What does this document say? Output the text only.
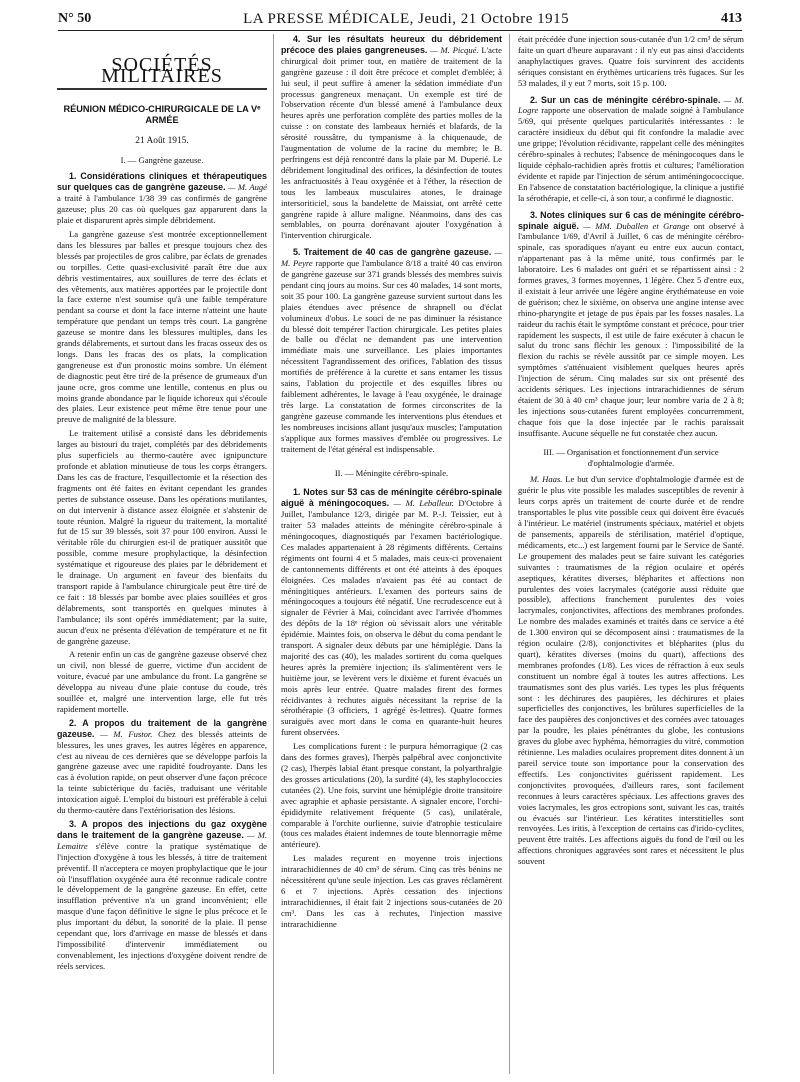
N° 50	LA PRESSE MÉDICALE, Jeudi, 21 Octobre 1915	413
SOCIÉTÉS MILITAIRES
RÉUNION MÉDICO-CHIRURGICALE DE LA Vᵉ ARMÉE
21 Août 1915.
I. — Gangrène gazeuse.

1. Considérations cliniques et thérapeutiques sur quelques cas de gangrène gazeuse. — M. Augé a traité à l'ambulance 1/38 39 cas confirmés de gangrène gazeuse; plus 20 cas où quelques gaz apparurent dans la plaie et disparurent après simple débridement.

La gangrène gazeuse s'est montrée exceptionnellement dans les blessures par balles et presque toujours chez des blessés par projectiles de gros calibre, par éclats de grenades ou torpilles. Cette quasi-exclusivité paraît être due aux débris vestimentaires, aux souillures de terre des éclats et des vêtements, aux matières apportées par le projectile dont la face externe n'est soumise qu'à une faible température pendant sa course et dont la face interne n'atteint une haute température que pendant un temps très court. La gangrène gazeuse se montre dans les blessures multiples, dans les grands délabrements, et surtout dans les fracas osseux des os longs. Dans les fracas des os plats, la complication gangreneuse est d'un pronostic moins sombre. Un élément de diagnostic peut être tiré de la présence de grumeaux d'un jaune ocre, gros comme une lentille, contenus en plus ou moins grande abondance par le liquide ichoreux qui s'écoule des plaies. Leur existence peut même être tenue pour une preuve de malignité de la blessure.

Le traitement utilisé a consisté dans les débridements larges au bistouri du trajet, complétés par des débridements plus superficiels au thermo-cautère avec ignipuncture profonde et ablation minutieuse de tous les corps étrangers. Dans les cas de fracture, l'esquillectomie et la résection des fragments ont été faites en évitant cependant les grandes pertes de substance osseuse. Dans les opérations mutilantes, on dut intervenir à distance assez éloignée et s'abstenir de toute réunion. Malgré la rigueur du traitement, la mortalité fut de 15 sur 39 blessés, soit 37 pour 100 environ. Aussi le véritable rôle du chirurgien est-il de pratiquer aussitôt que possible, comme mesure prophylactique, la désinfection systématique et rigoureuse des plaies par le débridement et le drainage. Un argument en faveur des bienfaits du transport rapide à l'ambulance chirurgicale peut être tiré de ce fait : 18 blessés par bombe avec plaies souillées et gros délabrements, sont transportés en quelques minutes à l'ambulance; ils sont opérés immédiatement; par la suite, aucun d'eux ne présenta d'élévation de température et ne fit de gangrène gazeuse.

A retenir enfin un cas de gangrène gazeuse observé chez un civil, non blessé de guerre, victime d'un accident de voiture, évacué par une ambulance du front. La gangrène se développa au niveau d'une plaie contuse du coude, très souillée et, malgré une intervention large, elle fut très rapidement mortelle.

2. A propos du traitement de la gangrène gazeuse. — M. Fustor. Chez des blessés atteints de blessures, les unes graves, les autres légères en apparence, c'est au niveau de ces dernières que se développe parfois la gangrène gazeuse avec une rapidité foudroyante. Dans les cas à évolution rapide, on peut observer d'une façon précoce la teinte subictérique du faciès, traduisant une véritable intoxication aiguë. L'emploi du bistouri est préférable à celui du thermo-cautère dans l'extériorisation des lésions.

3. A propos des injections du gaz oxygène dans le traitement de la gangrène gazeuse. — M. Lemaitre s'élève contre la pratique systématique de l'injection d'oxygène à tous les blessés, à titre de traitement préventif. Il n'acceptera ce moyen prophylactique que le jour où l'insufflation oxygénée aura été reconnue radicale contre le développement de la gangrène gazeuse. En effet, cette insufflation préventive n'a un grand inconvénient; elle masque d'une façon définitive le signe le plus précoce et le plus important du début, la sonorité de la plaie. Il pense cependant que, lors d'arrivage en masse de blessés et dans l'impossibilité d'intervenir immédiatement ou convenablement, les injections d'oxygène doivent rendre de réels services.

4. Sur les résultats heureux du débridement précoce des plaies gangreneuses. — M. Picqué. L'acte chirurgical doit primer tout, en matière de traitement de la gangrène gazeuse : il doit être précoce et complet d'emblée; à lui seul, il peut suffire à amener la sédation immédiate d'un processus gangreneux menaçant. Un exemple est tiré de l'observation récente d'un blessé amené à l'ambulance deux heures après une perforation complète des parties molles de la cuisse : on constate des lambeaux herniés et blafards, de la sérosité roussâtre, du tympanisme à la chiquenaude, de l'augmentation de volume de la racine du membre; le B. perfringens est déjà rencontré dans la plaie par M. Duperié. Le débridement longitudinal des orifices, la désinfection de toutes les anfractuosités à l'eau oxygénée et à l'éther, la résection de tous les lambeaux musculaires atones, le drainage intersoriticiel, sous la bandelette de Maissiat, ont arrêté cette gangrène rapide à allure maligne. Néanmoins, dans des cas semblables, on pourra dorénavant ajouter l'oxygénation à l'intervention chirurgicale.

5. Traitement de 40 cas de gangrène gazeuse. — M. Peyre rapporte que l'ambulance 8/18 a traité 40 cas environ de gangrène gazeuse sur 371 grands blessés des membres suivis pendant cinq jours au moins. Sur ces 40 malades, 14 sont morts, soit 35 pour 100. La gangrène gazeuse survient surtout dans les plaies étendues avec présence de shrapnell ou d'éclat volumineux d'obus. Le souci de ne pas diminuer la résistance du blessé doit tempérer l'action chirurgicale. Les petites plaies de balle ou d'éclat ne demandent pas une intervention immédiate mais une surveillance. Les plaies importantes nécessitent l'agrandissement des orifices, l'ablation des tissus mortifiés de préférence à la curette et sans entamer les tissus sains, l'ablation du projectile et des esquilles libres ou faiblement adhérentes, le lavage à l'eau oxygénée, le drainage très large. La constatation de formes circonscrites de la gangrène gazeuse commande les interventions plus étendues et les nombreuses incisions allant jusqu'aux muscles; l'amputation s'applique aux formes massives d'emblée ou progressives. Le traitement de l'état général est indispensable.

II. — Méningite cérébro-spinale.

1. Notes sur 53 cas de méningite cérébro-spinale aiguë à méningocoques. — M. Leballeur. D'Octobre à Juillet, l'ambulance 12/3, dirigée par M. P.-J. Teissier, eut à traiter 53 malades atteints de méningite cérébro-spinale à méningocoques, diagnostiqués par l'examen bactériologique. Ces malades appartenaient à 28 régiments différents. Certains régiments ont fourni 4 et 5 malades, mais ceux-ci provenaient de cantonnements différents et ont été atteints à des époques éloignées. Ces malades n'avaient pas été au contact de méningitiques antérieurs. L'examen des porteurs sains de méningocoques a toujours été négatif. Une recrudescence eut à signaler de Février à Mai, coïncidant avec l'arrivée d'hommes des dépôts de la 18ᵉ région où sévissait alors une véritable épidémie. Maintes fois, on observa le début du coma pendant le transport. A signaler deux débuts par une hémiplégie. Dans la majorité des cas (40), les malades sortirent du coma quelques heures après la première injection; ils s'alimentèrent vers le huitième jour, se levèrent vers le dixième et furent évacués un mois après leur entrée. Quatre malades firent des formes récidivantes à rechutes aiguës nécessitant la reprise de la sérothérapie (3 officiers, 1 agrégé ès-lettres). Quatre formes suraiguës avec mort dans le coma en quarante-huit heures furent observées.

Les complications furent : le purpura hémorragique (2 cas dans des formes graves), l'herpès palpébral avec conjonctivite (2 cas), l'herpès labial étant presque constant, la polyarthralgie des grosses articulations (20), la surdité (4), les staphylococcies cutanées (2). Une fois, survint une hémiplégie droite transitoire avec agraphie et aphasie persistante. A signaler encore, l'orchi-épididymite relativement fréquente (5 cas), unilatérale, comparable à l'orchite ourlienne, suivie d'atrophie testiculaire (tous ces malades étaient indemnes de toute blennorragie même antérieure).

Les malades reçurent en moyenne trois injections intrarachidiennes de 40 cm³ de sérum. Cinq cas très bénins ne nécessitèrent qu'une seule injection. Les cas graves réclamèrent 6 et 7 injections. Après cessation des injections intrarachidiennes, il était fait 2 injections sous-cutanées de 20 cm³. Dans les cas à rechutes, l'injection massive intrarachidienne

était précédée d'une injection sous-cutanée d'un 1/2 cm³ de sérum faite un quart d'heure auparavant : il n'y eut pas ainsi d'accidents anaphylactiques graves. Quatre fois survinrent des accidents sériques consistant en érythèmes urticariens très fugaces. Sur les 53 malades, il y eut 7 morts, soit 15 p. 100.

2. Sur un cas de méningite cérébro-spinale. — M. Logre rapporte une observation de malade soigné à l'ambulance 5/69, qui présente quelques particularités intéressantes : le caractère insidieux du début qui fit confondre la maladie avec une grippe; l'évolution récidivante, rappelant celle des méningites cérébro-spinales à rechutes; l'absence de méningocoques dans le liquide céphalo-rachidien après frottis et cultures; l'amélioration évidente et rapide par l'injection de sérum antiméningococcique. En l'absence de constatation bactériologique, la clinique a justifié la sérothérapie, et celle-ci, à son tour, a confirmé le diagnostic.

3. Notes cliniques sur 6 cas de méningite cérébro-spinale aiguë. — MM. Duballen et Grange ont observé à l'ambulance 1/69, d'Avril à Juillet, 6 cas de méningite cérébro-spinale, cas sporadiques n'ayant eu entre eux aucun contact, n'appartenant pas à la même unité, tous confirmés par le laboratoire. Les 6 malades ont guéri et se répartissent ainsi : 2 formes graves, 3 formes moyennes, 1 légère. Chez 5 d'entre eux, il existait à leur arrivée une légère angine érythémateuse en voie de guérison; chez le sixième, on observa une angine intense avec rhino-pharyngite et jetage de pus épais par les fosses nasales. La raideur du rachis était le symptôme constant et précoce, pour trier rapidement les suspects, il est utile de faire exécuter à chacun le salut du tronc sans fléchir les genoux : l'impossibilité de la flexion du rachis se révèle aussitôt par ce simple moyen. Les symptômes s'atténuaient visiblement quelques heures après l'injection de sérum. Cinq malades sur six ont présenté des accidents sériques. Les injections intrarachidiennes de sérum étaient de 30 à 40 cm³ chaque jour; leur nombre varia de 2 à 8; les injections sous-cutanées furent employées concurremment, chaque fois que la dose injectée par le rachis paraissait insuffisante. Aucune séquelle ne fut constatée chez aucun.

III. — Organisation et fonctionnement d'un service d'ophtalmologie d'armée.

M. Haas. Le but d'un service d'ophtalmologie d'armée est de guérir le plus vite possible les malades susceptibles de revenir à leurs corps après un traitement de courte durée et de rendre transportables le plus vite possible ceux qui doivent être évacués à l'intérieur. Le matériel (instruments spéciaux, matériel et objets de pansements, appareils de stérilisation, matériel d'optique, médicaments, etc...) est largement fourni par le Service de Santé. Le groupement des malades peut se faire suivant les catégories suivantes : traumatismes de la région oculaire et opérés aseptiques, kératites diverses, blépharites et affections non purulentes des voies lacrymales (catégorie aussi réduite que possible), affections franchement purulentes des voies lacrymales, conjonctivites, affections des membranes profondes. Le nombre des malades examinés et traités dans ce service a été de 1.300 environ qui se décomposent ainsi : traumatismes de la région oculaire (2/8), conjonctivites et blépharites (plus du quart), kératites diverses (moins du quart), affections des membranes profondes (1/8). Les vices de réfraction à eux seuls constituent un nombre égal à toutes les autres affections. Les traumatismes sont des plus variés. Les types les plus fréquents sont : les déchirures des paupières, les déchirures et plaies superficielles des conjonctives, les brûlures superficielles de la face des paupières des conjonctives et des cornées avec tatouages par la poudre, les plaies pénétrantes du globe, les contusions graves du globe avec hyphéma, hémorragies du vitré, commotion rétinienne. Les maladies oculaires proprement dites donnent à un pareil service toute son importance pour la conservation des effectifs. Les conjonctivites guérissent rapidement. Les conjonctivites provoquées, d'ailleurs rares, sont facilement reconnues à leurs caractères spéciaux. Les affections graves des voies lacrymales, les gros ectropions sont, suivant les cas, traités ou évacués sur l'intérieur. Les kératites interstitielles sont renvoyées. Les iritis, à l'exception de certains cas d'irido-cyclites, peuvent être traités. Les affections aiguës du fond de l'œil ou les affections chroniques aggravées sont rares et nécessitent le plus souvent
